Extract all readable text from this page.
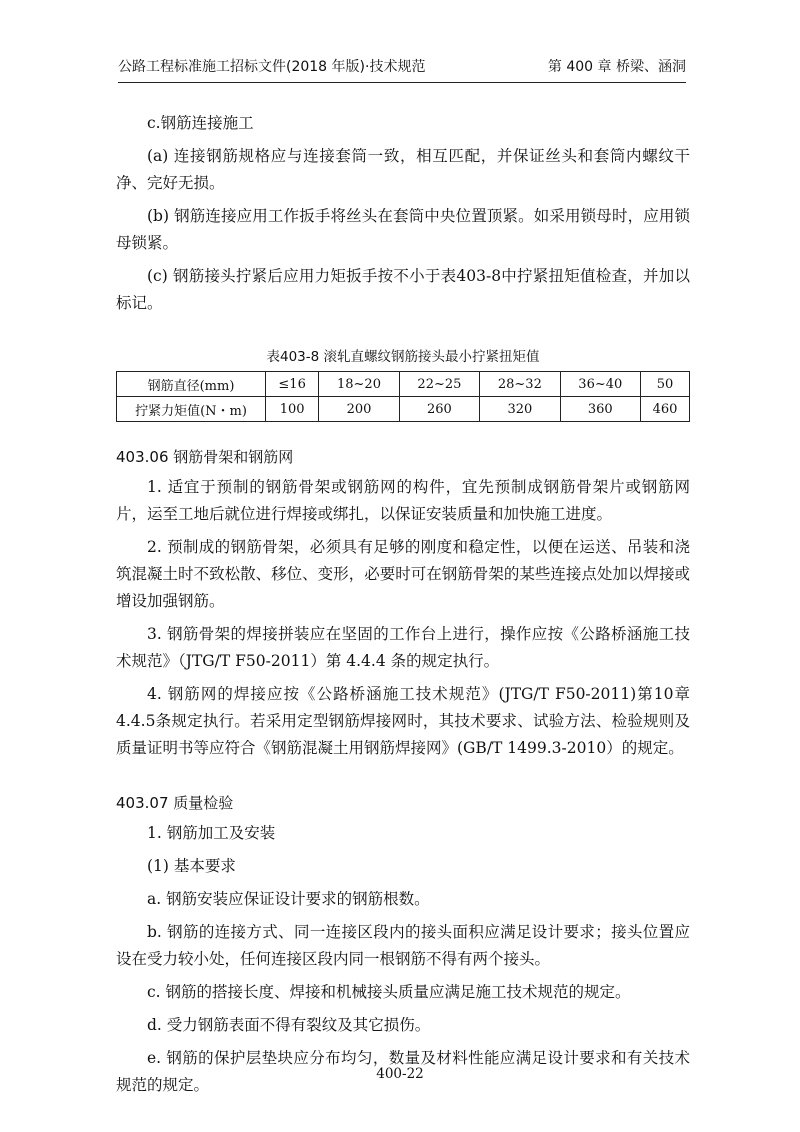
公路工程标准施工招标文件(2018 年版)·技术规范	第 400 章 桥梁、涵洞

c.钢筋连接施工

(a) 连接钢筋规格应与连接套筒一致，相互匹配，并保证丝头和套筒内螺纹干净、完好无损。

(b) 钢筋连接应用工作扳手将丝头在套筒中央位置顶紧。如采用锁母时，应用锁母锁紧。

(c) 钢筋接头拧紧后应用力矩扳手按不小于表403-8中拧紧扭矩值检查，并加以标记。

表403-8 滚轧直螺纹钢筋接头最小拧紧扭矩值
钢筋直径(mm)	≤16	18~20	22~25	28~32	36~40	50
拧紧力矩值(N・m)	100	200	260	320	360	460
403.06 钢筋骨架和钢筋网

1. 适宜于预制的钢筋骨架或钢筋网的构件，宜先预制成钢筋骨架片或钢筋网片，运至工地后就位进行焊接或绑扎，以保证安装质量和加快施工进度。

2. 预制成的钢筋骨架，必须具有足够的刚度和稳定性，以便在运送、吊装和浇筑混凝土时不致松散、移位、变形，必要时可在钢筋骨架的某些连接点处加以焊接或增设加强钢筋。

3. 钢筋骨架的焊接拼装应在坚固的工作台上进行，操作应按《公路桥涵施工技术规范》（JTG/T F50-2011）第 4.4.4 条的规定执行。

4. 钢筋网的焊接应按《公路桥涵施工技术规范》(JTG/T F50-2011)第10章4.4.5条规定执行。若采用定型钢筋焊接网时，其技术要求、试验方法、检验规则及质量证明书等应符合《钢筋混凝土用钢筋焊接网》(GB/T 1499.3-2010）的规定。

403.07 质量检验

1. 钢筋加工及安装

(1) 基本要求

a. 钢筋安装应保证设计要求的钢筋根数。

b. 钢筋的连接方式、同一连接区段内的接头面积应满足设计要求；接头位置应设在受力较小处，任何连接区段内同一根钢筋不得有两个接头。

c. 钢筋的搭接长度、焊接和机械接头质量应满足施工技术规范的规定。

d. 受力钢筋表面不得有裂纹及其它损伤。

e. 钢筋的保护层垫块应分布均匀，数量及材料性能应满足设计要求和有关技术规范的规定。

400-22
